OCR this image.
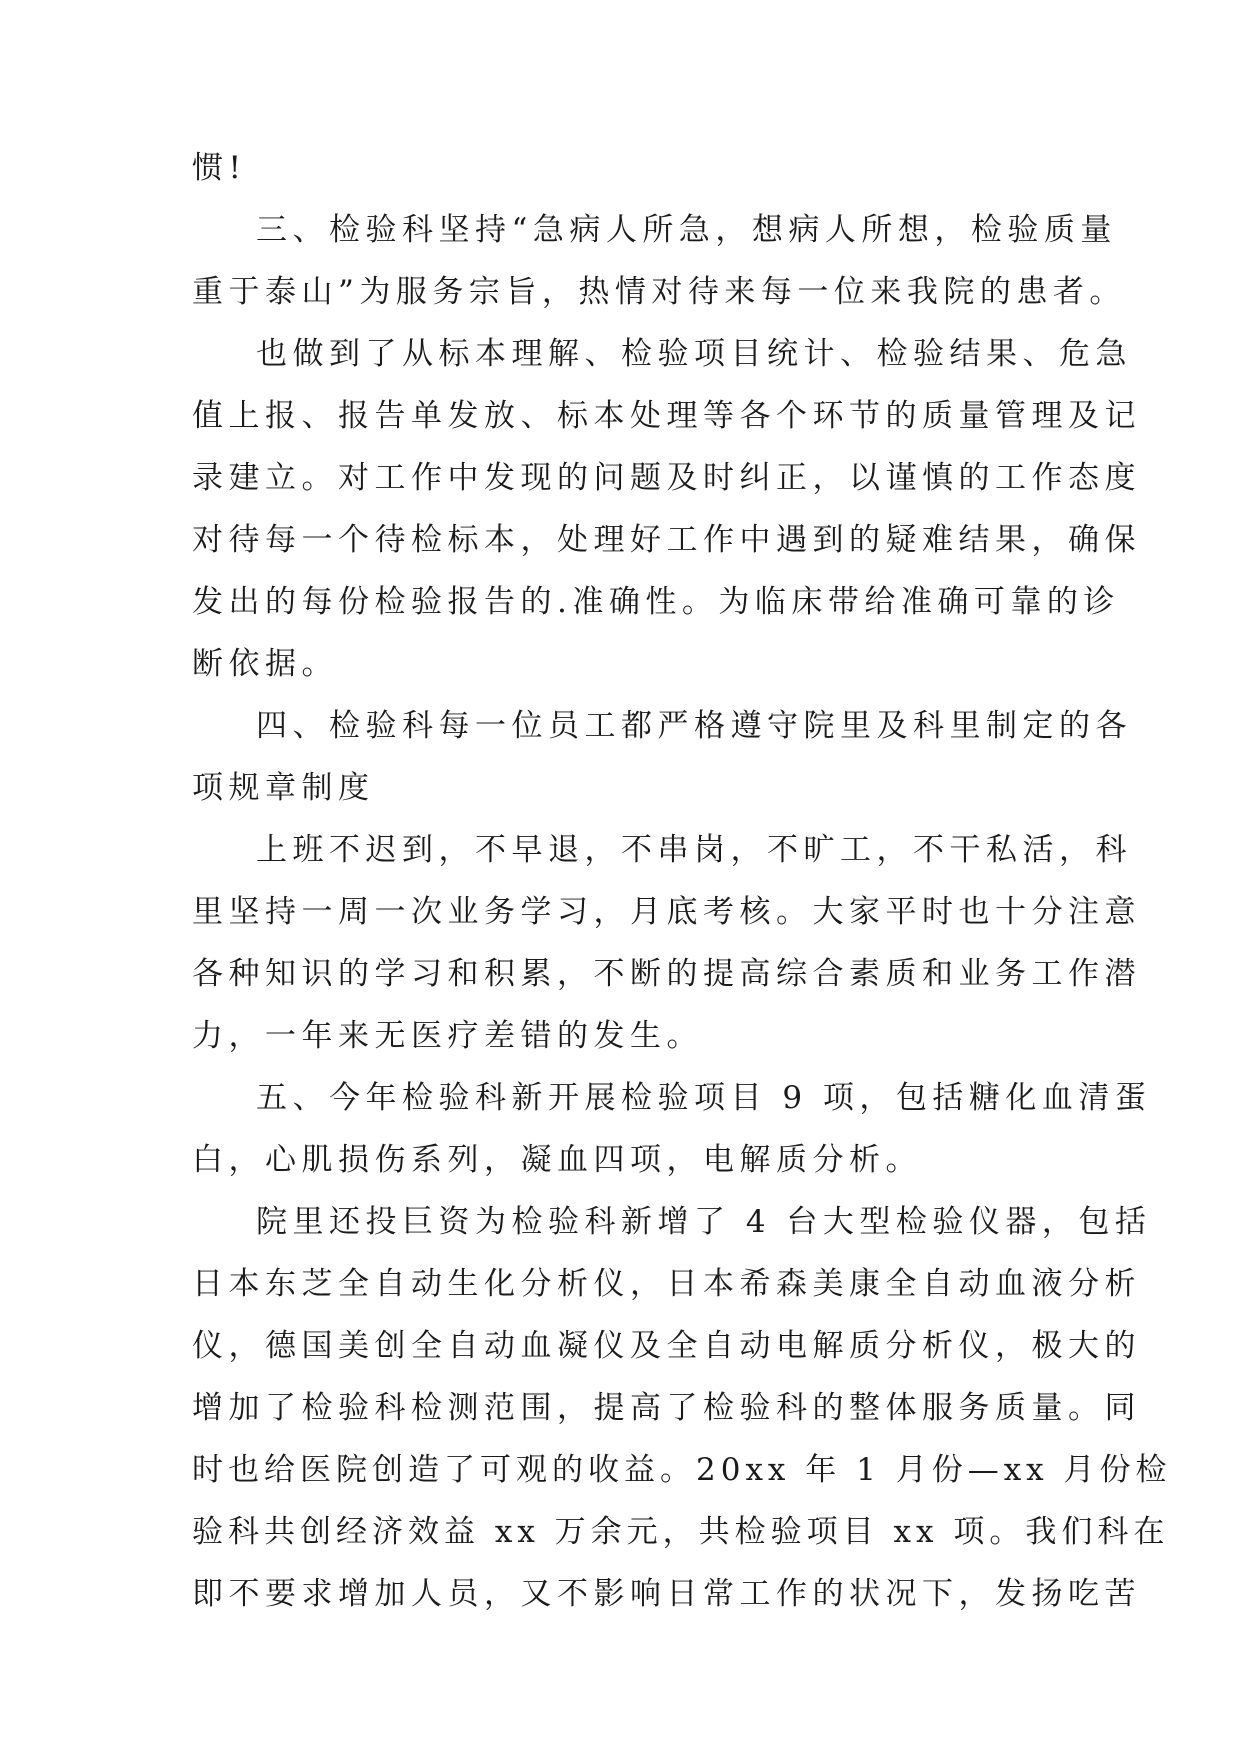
惯!
三、检验科坚持“急病人所急，想病人所想，检验质量
重于泰山”为服务宗旨，热情对待来每一位来我院的患者。
也做到了从标本理解、检验项目统计、检验结果、危急
值上报、报告单发放、标本处理等各个环节的质量管理及记
录建立。对工作中发现的问题及时纠正，以谨慎的工作态度
对待每一个待检标本，处理好工作中遇到的疑难结果，确保
发出的每份检验报告的.准确性。为临床带给准确可靠的诊
断依据。
四、检验科每一位员工都严格遵守院里及科里制定的各
项规章制度
上班不迟到，不早退，不串岗，不旷工，不干私活，科
里坚持一周一次业务学习，月底考核。大家平时也十分注意
各种知识的学习和积累，不断的提高综合素质和业务工作潜
力，一年来无医疗差错的发生。
五、今年检验科新开展检验项目 9 项，包括糖化血清蛋
白，心肌损伤系列，凝血四项，电解质分析。
院里还投巨资为检验科新增了 4 台大型检验仪器，包括
日本东芝全自动生化分析仪，日本希森美康全自动血液分析
仪，德国美创全自动血凝仪及全自动电解质分析仪，极大的
增加了检验科检测范围，提高了检验科的整体服务质量。同
时也给医院创造了可观的收益。20xx 年 1 月份—xx 月份检
验科共创经济效益 xx 万余元，共检验项目 xx 项。我们科在
即不要求增加人员，又不影响日常工作的状况下，发扬吃苦
